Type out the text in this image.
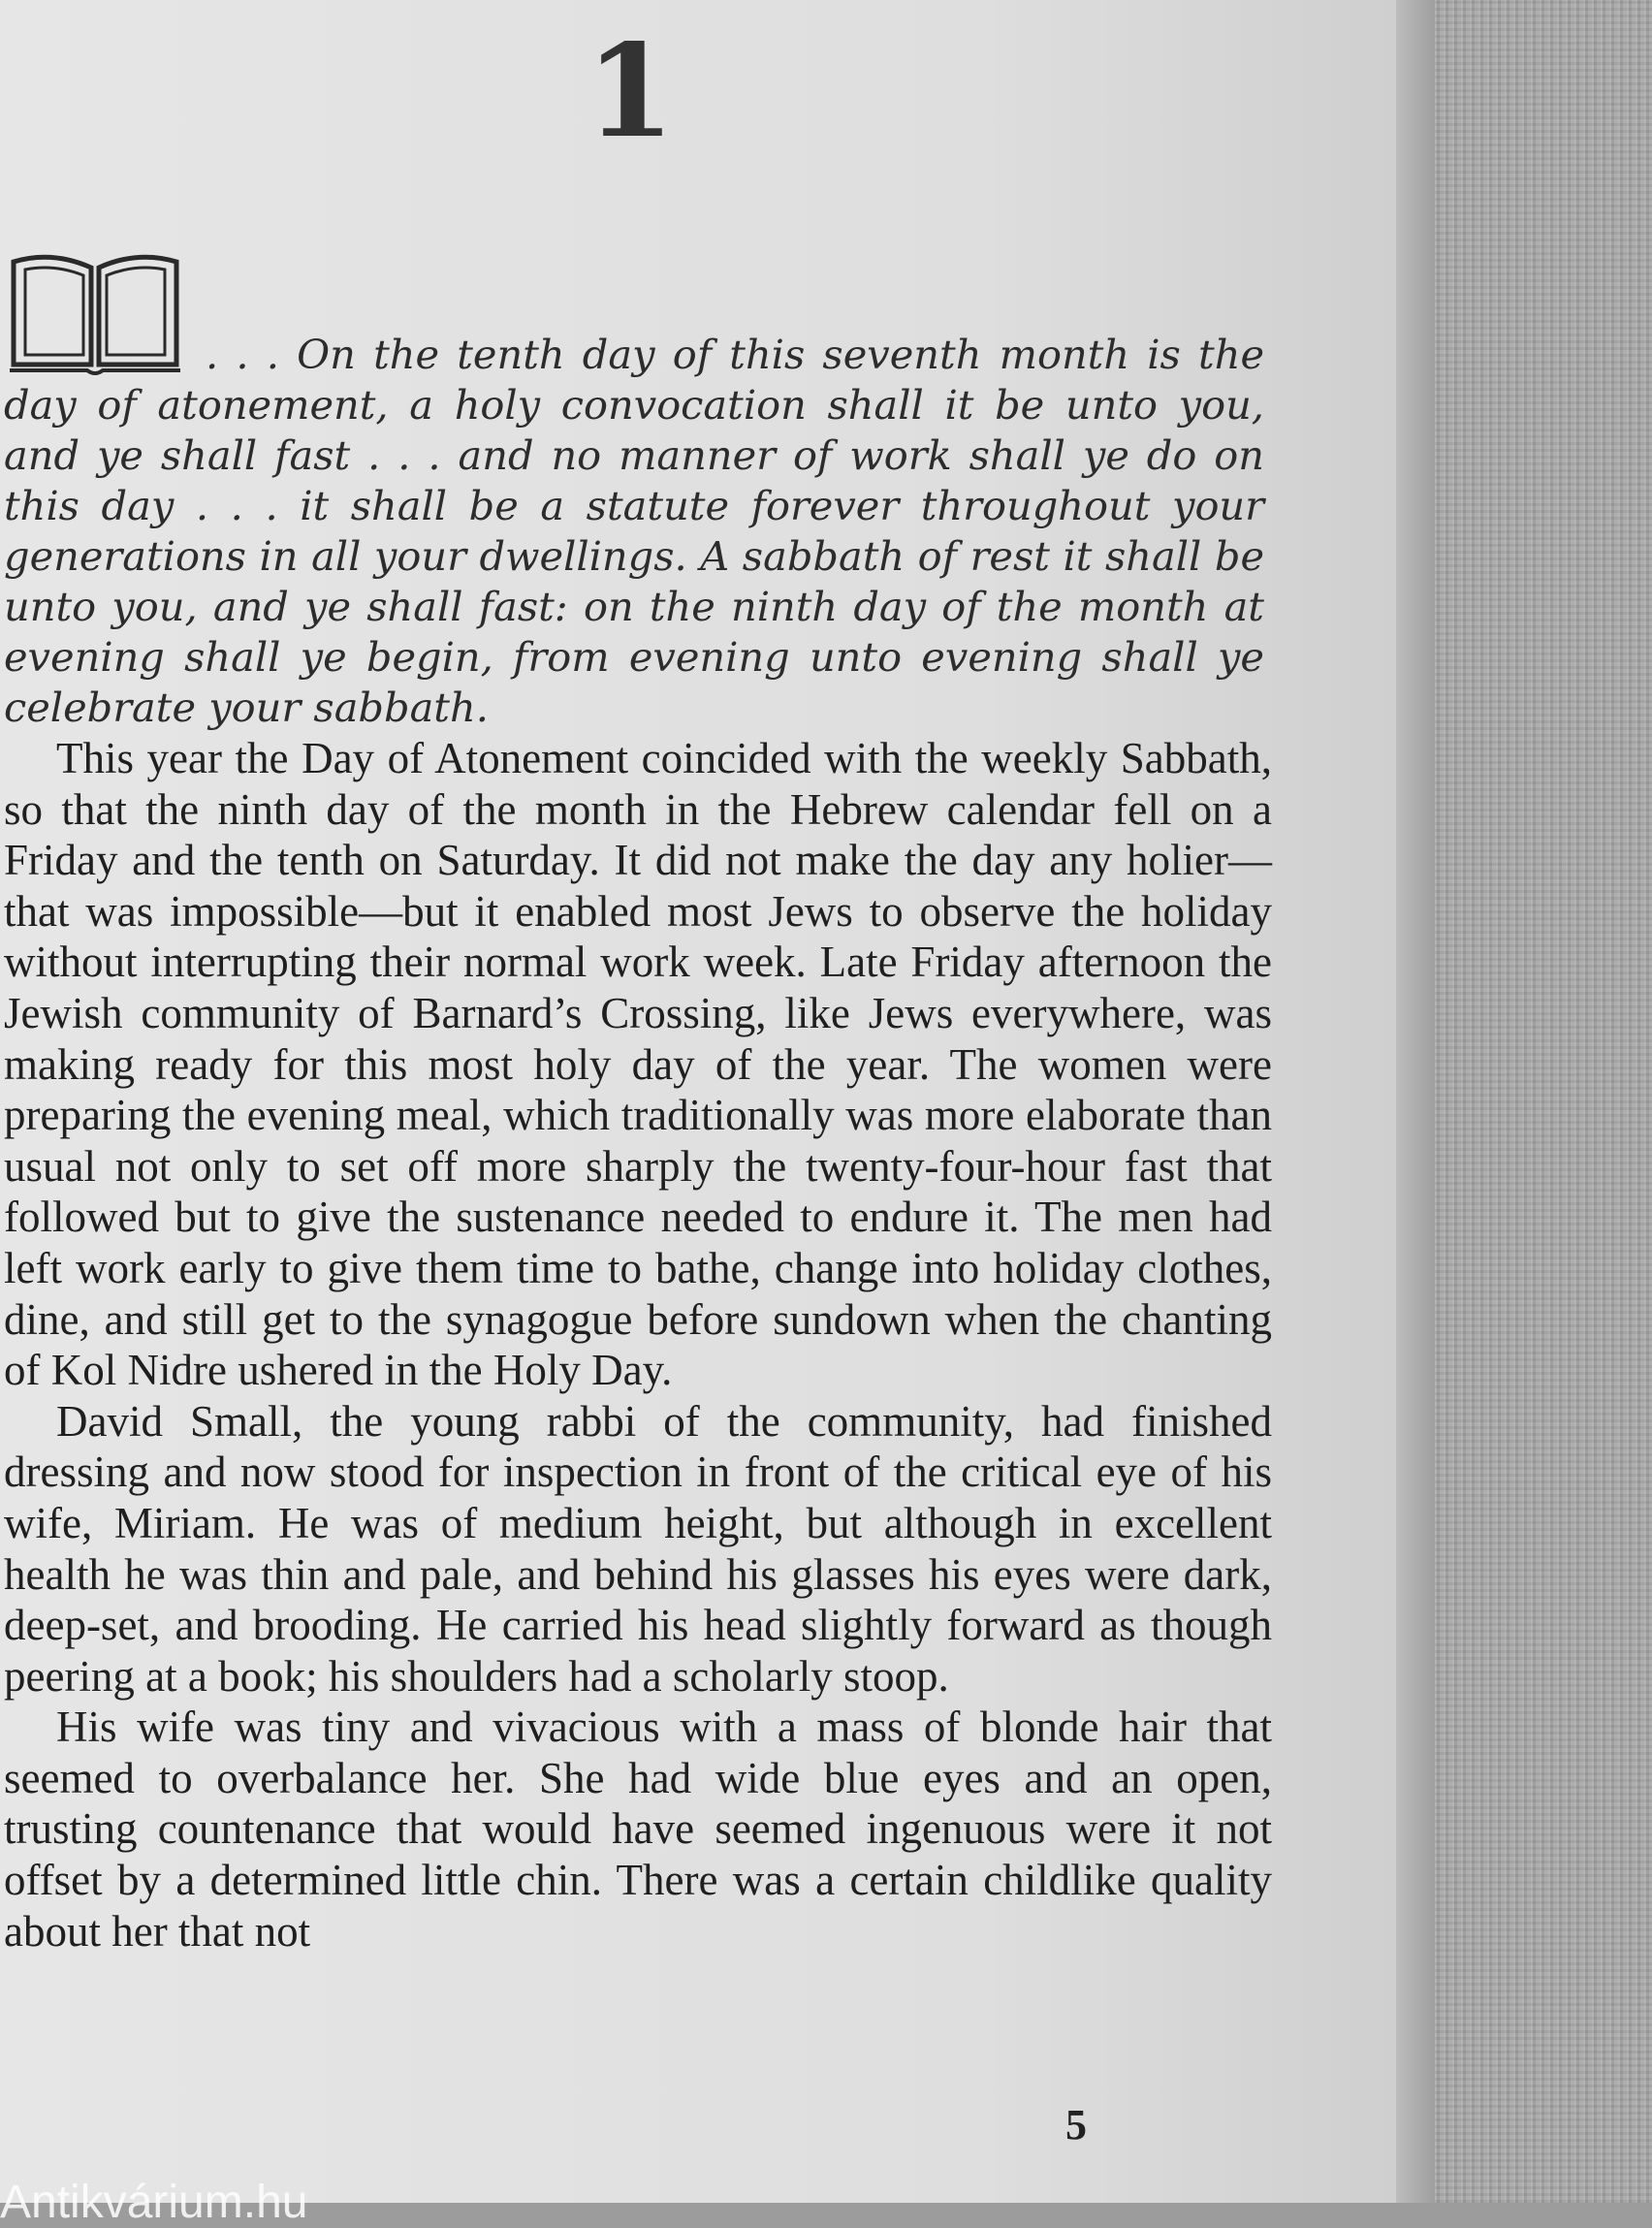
1

. . . On the tenth day of this seventh month is the day of atonement, a holy convocation shall it be unto you, and ye shall fast . . . and no manner of work shall ye do on this day . . . it shall be a statute forever throughout your generations in all your dwellings. A sabbath of rest it shall be unto you, and ye shall fast: on the ninth day of the month at evening shall ye begin, from evening unto evening shall ye celebrate your sabbath.

This year the Day of Atonement coincided with the weekly Sabbath, so that the ninth day of the month in the Hebrew calendar fell on a Friday and the tenth on Saturday. It did not make the day any holier—that was impossible—but it enabled most Jews to observe the holiday without interrupting their normal work week. Late Friday afternoon the Jewish community of Barnard’s Crossing, like Jews everywhere, was making ready for this most holy day of the year. The women were preparing the evening meal, which traditionally was more elaborate than usual not only to set off more sharply the twenty-four-hour fast that followed but to give the sustenance needed to endure it. The men had left work early to give them time to bathe, change into holiday clothes, dine, and still get to the synagogue before sundown when the chanting of Kol Nidre ushered in the Holy Day.

David Small, the young rabbi of the community, had finished dressing and now stood for inspection in front of the critical eye of his wife, Miriam. He was of medium height, but although in excellent health he was thin and pale, and behind his glasses his eyes were dark, deep-set, and brooding. He carried his head slightly forward as though peering at a book; his shoulders had a scholarly stoop.

His wife was tiny and vivacious with a mass of blonde hair that seemed to overbalance her. She had wide blue eyes and an open, trusting countenance that would have seemed ingenuous were it not offset by a determined little chin. There was a certain childlike quality about her that not

5
Antikvárium.hu
